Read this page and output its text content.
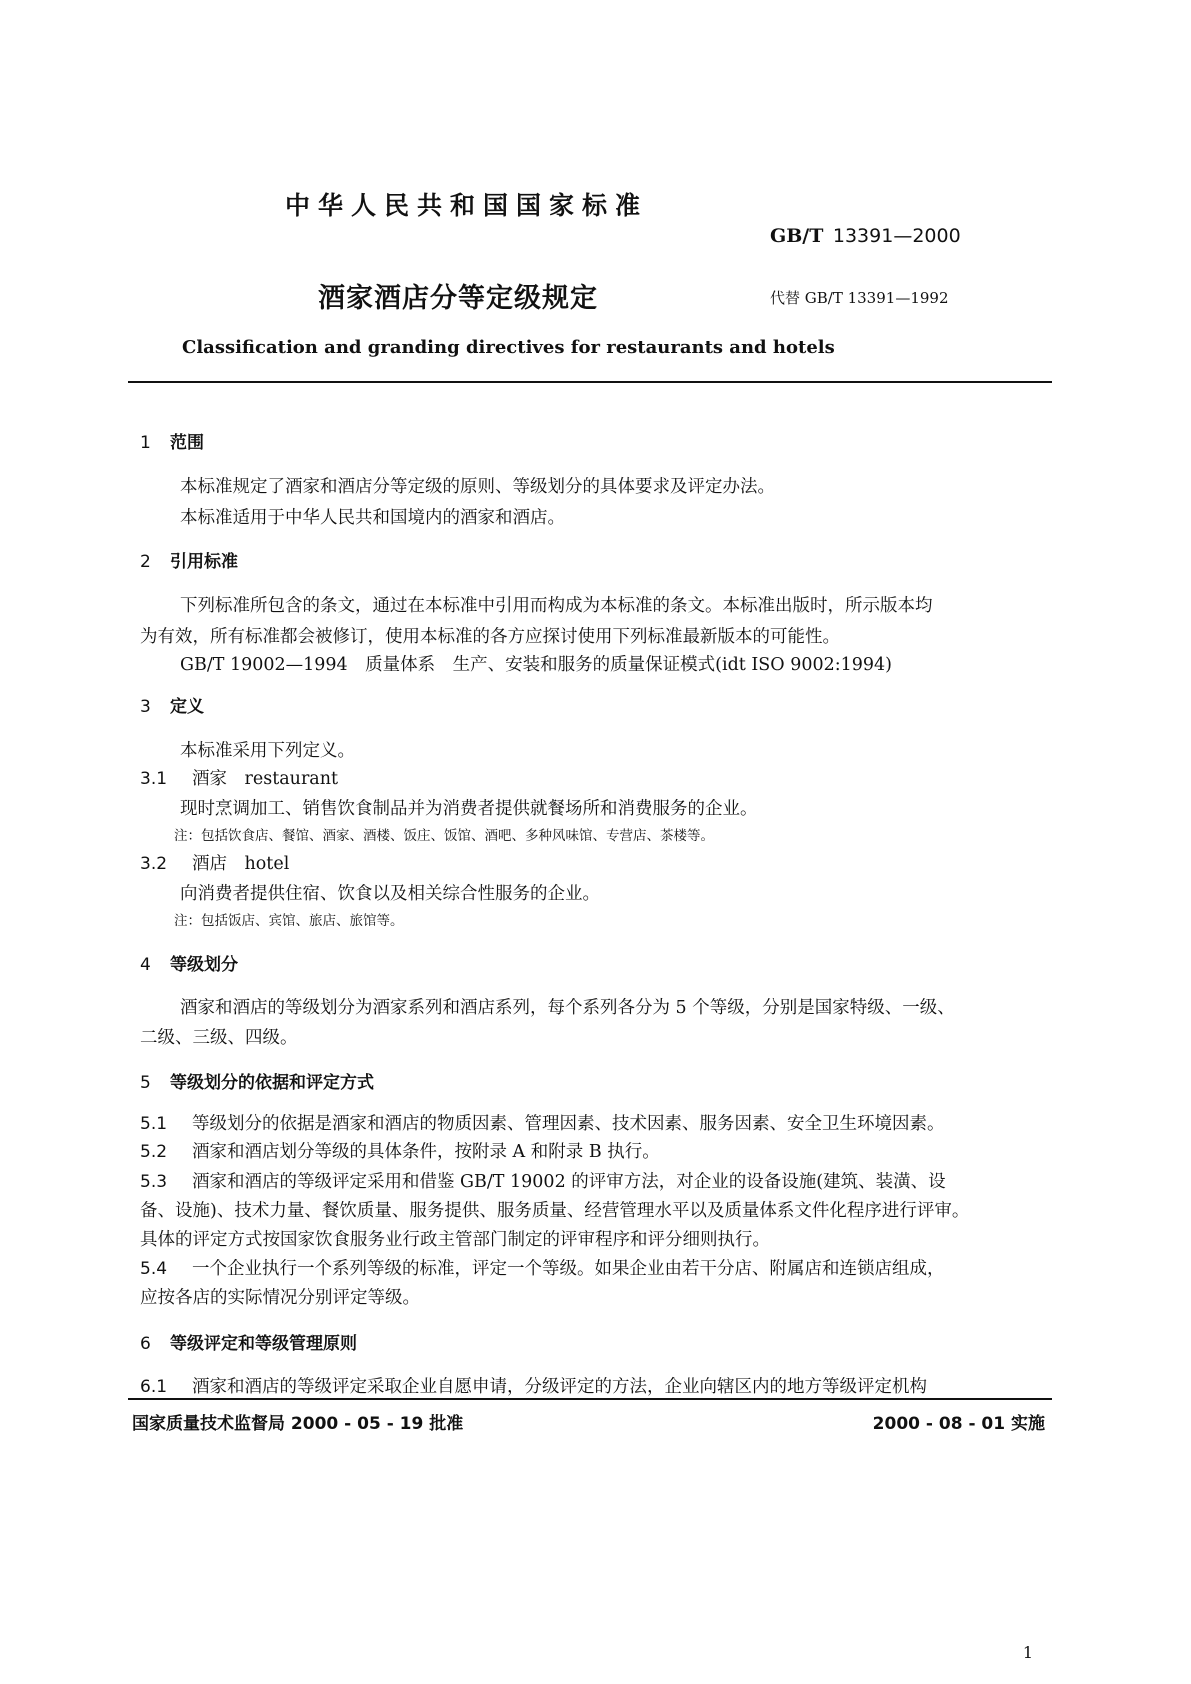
中华人民共和国国家标准
GB/T 13391—2000
酒家酒店分等定级规定	代替 GB/T 13391—1992
Classification and granding directives for restaurants and hotels
1 范围
本标准规定了酒家和酒店分等定级的原则、等级划分的具体要求及评定办法。
本标准适用于中华人民共和国境内的酒家和酒店。
2 引用标准
下列标准所包含的条文，通过在本标准中引用而构成为本标准的条文。本标准出版时，所示版本均
为有效，所有标准都会被修订，使用本标准的各方应探讨使用下列标准最新版本的可能性。
GB/T 19002—1994　质量体系　生产、安装和服务的质量保证模式(idt ISO 9002:1994)
3 定义
本标准采用下列定义。
3.1 酒家　restaurant
现时烹调加工、销售饮食制品并为消费者提供就餐场所和消费服务的企业。
注：包括饮食店、餐馆、酒家、酒楼、饭庄、饭馆、酒吧、多种风味馆、专营店、茶楼等。
3.2 酒店　hotel
向消费者提供住宿、饮食以及相关综合性服务的企业。
注：包括饭店、宾馆、旅店、旅馆等。
4 等级划分
酒家和酒店的等级划分为酒家系列和酒店系列，每个系列各分为 5 个等级，分别是国家特级、一级、
二级、三级、四级。
5 等级划分的依据和评定方式
5.1 等级划分的依据是酒家和酒店的物质因素、管理因素、技术因素、服务因素、安全卫生环境因素。
5.2 酒家和酒店划分等级的具体条件，按附录 A 和附录 B 执行。
5.3 酒家和酒店的等级评定采用和借鉴 GB/T 19002 的评审方法，对企业的设备设施(建筑、装潢、设
备、设施)、技术力量、餐饮质量、服务提供、服务质量、经营管理水平以及质量体系文件化程序进行评审。
具体的评定方式按国家饮食服务业行政主管部门制定的评审程序和评分细则执行。
5.4 一个企业执行一个系列等级的标准，评定一个等级。如果企业由若干分店、附属店和连锁店组成，
应按各店的实际情况分别评定等级。
6 等级评定和等级管理原则
6.1 酒家和酒店的等级评定采取企业自愿申请，分级评定的方法，企业向辖区内的地方等级评定机构
国家质量技术监督局 2000 - 05 - 19 批准	2000 - 08 - 01 实施
1
